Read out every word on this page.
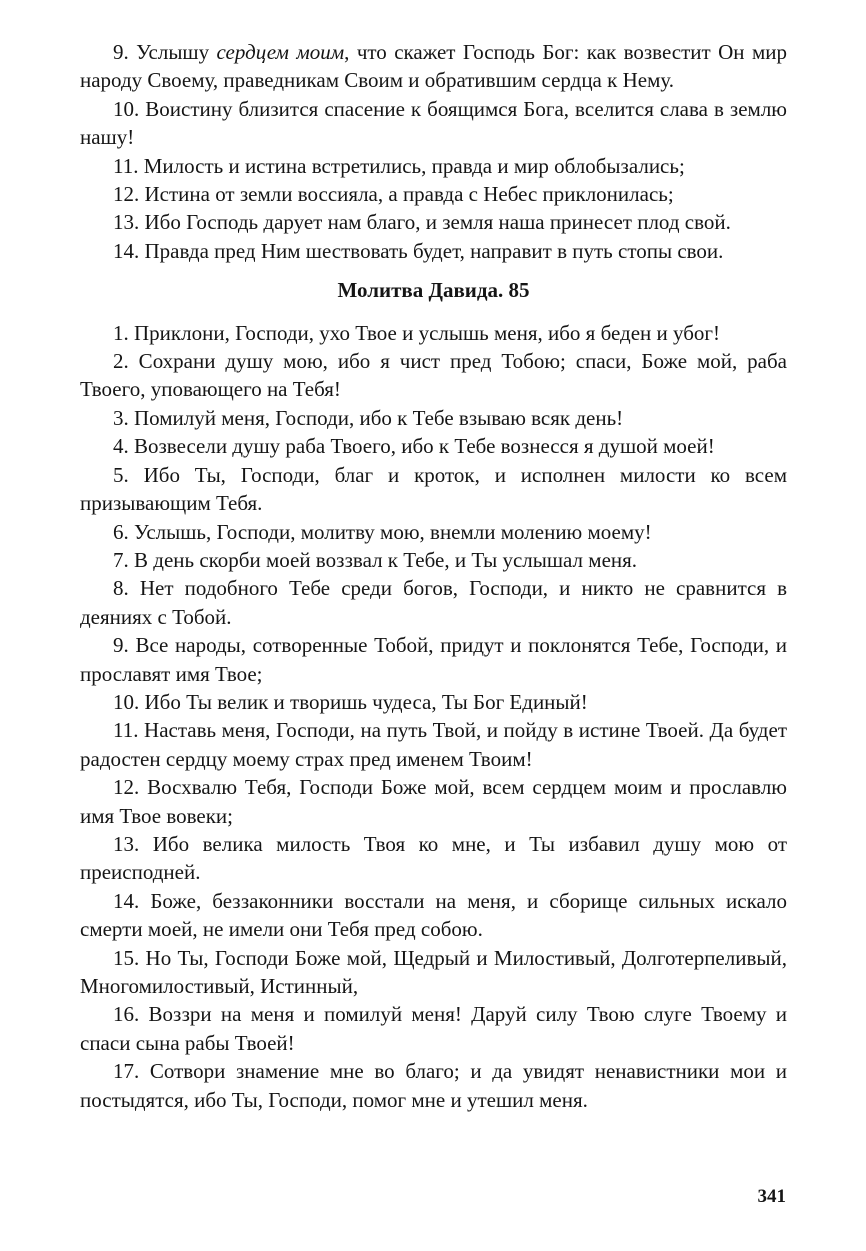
9. Услышу сердцем моим, что скажет Господь Бог: как возвестит Он мир народу Своему, праведникам Своим и обратившим сердца к Нему.

10. Воистину близится спасение к боящимся Бога, вселится слава в землю нашу!

11. Милость и истина встретились, правда и мир облобызались;

12. Истина от земли воссияла, а правда с Небес приклонилась;

13. Ибо Господь дарует нам благо, и земля наша принесет плод свой.

14. Правда пред Ним шествовать будет, направит в путь стопы свои.

Молитва Давида. 85

1. Приклони, Господи, ухо Твое и услышь меня, ибо я беден и убог!

2. Сохрани душу мою, ибо я чист пред Тобою; спаси, Боже мой, раба Твоего, уповающего на Тебя!

3. Помилуй меня, Господи, ибо к Тебе взываю всяк день!

4. Возвесели душу раба Твоего, ибо к Тебе вознесся я душой моей!

5. Ибо Ты, Господи, благ и кроток, и исполнен милости ко всем призывающим Тебя.

6. Услышь, Господи, молитву мою, внемли молению моему!

7. В день скорби моей воззвал к Тебе, и Ты услышал меня.

8. Нет подобного Тебе среди богов, Господи, и никто не сравнится в деяниях с Тобой.

9. Все народы, сотворенные Тобой, придут и поклонятся Тебе, Господи, и прославят имя Твое;

10. Ибо Ты велик и творишь чудеса, Ты Бог Единый!

11. Наставь меня, Господи, на путь Твой, и пойду в истине Твоей. Да будет радостен сердцу моему страх пред именем Твоим!

12. Восхвалю Тебя, Господи Боже мой, всем сердцем моим и прославлю имя Твое вовеки;

13. Ибо велика милость Твоя ко мне, и Ты избавил душу мою от преисподней.

14. Боже, беззаконники восстали на меня, и сборище сильных искало смерти моей, не имели они Тебя пред собою.

15. Но Ты, Господи Боже мой, Щедрый и Милостивый, Долготерпеливый, Многомилостивый, Истинный,

16. Воззри на меня и помилуй меня! Даруй силу Твою слуге Твоему и спаси сына рабы Твоей!

17. Сотвори знамение мне во благо; и да увидят ненавистники мои и постыдятся, ибо Ты, Господи, помог мне и утешил меня.

341
